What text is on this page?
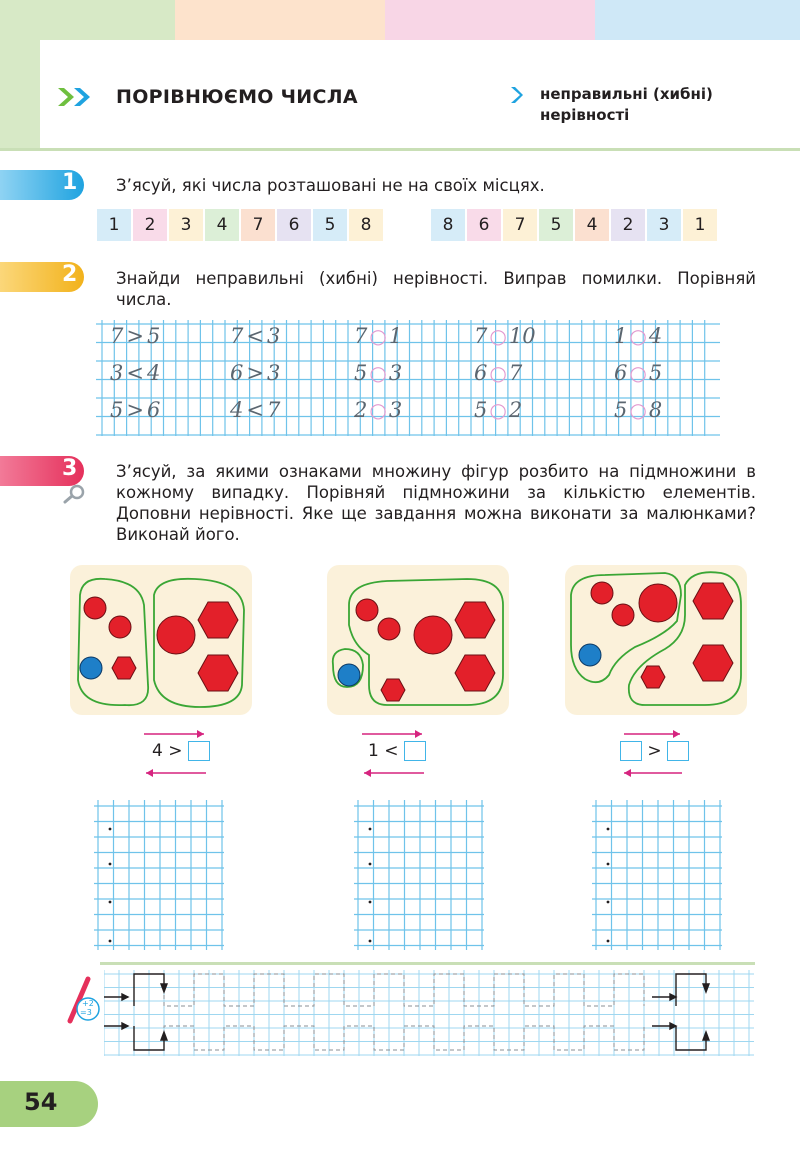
ПОРІВНЮЄМО ЧИСЛА	неправильні (хибні) нерівності
1 З’ясуй, які числа розташовані не на своїх місцях.
1	2	3	4	7	6	5	8	8	6	7	5	4	2	3	1
2 Знайди неправильні (хибні) нерівності. Виправ помилки. Порівняй числа.
7 > 5	7 < 3	7 ○1	7 ○10	1 ○4
3 < 4	6 > 3	5 ○3	6 ○7	6 ○5
5 > 6	4 < 7	2 ○3	5 ○2	5 ○8
3 З’ясуй, за якими ознаками множину фігур розбито на підмножини в кожному випадку. Порівняй підмножини за кількістю елементів. Доповни нерівності. Яке ще завдання можна виконати за малюнками? Виконай його.
4 >	1 <	>
+2
=3
54
